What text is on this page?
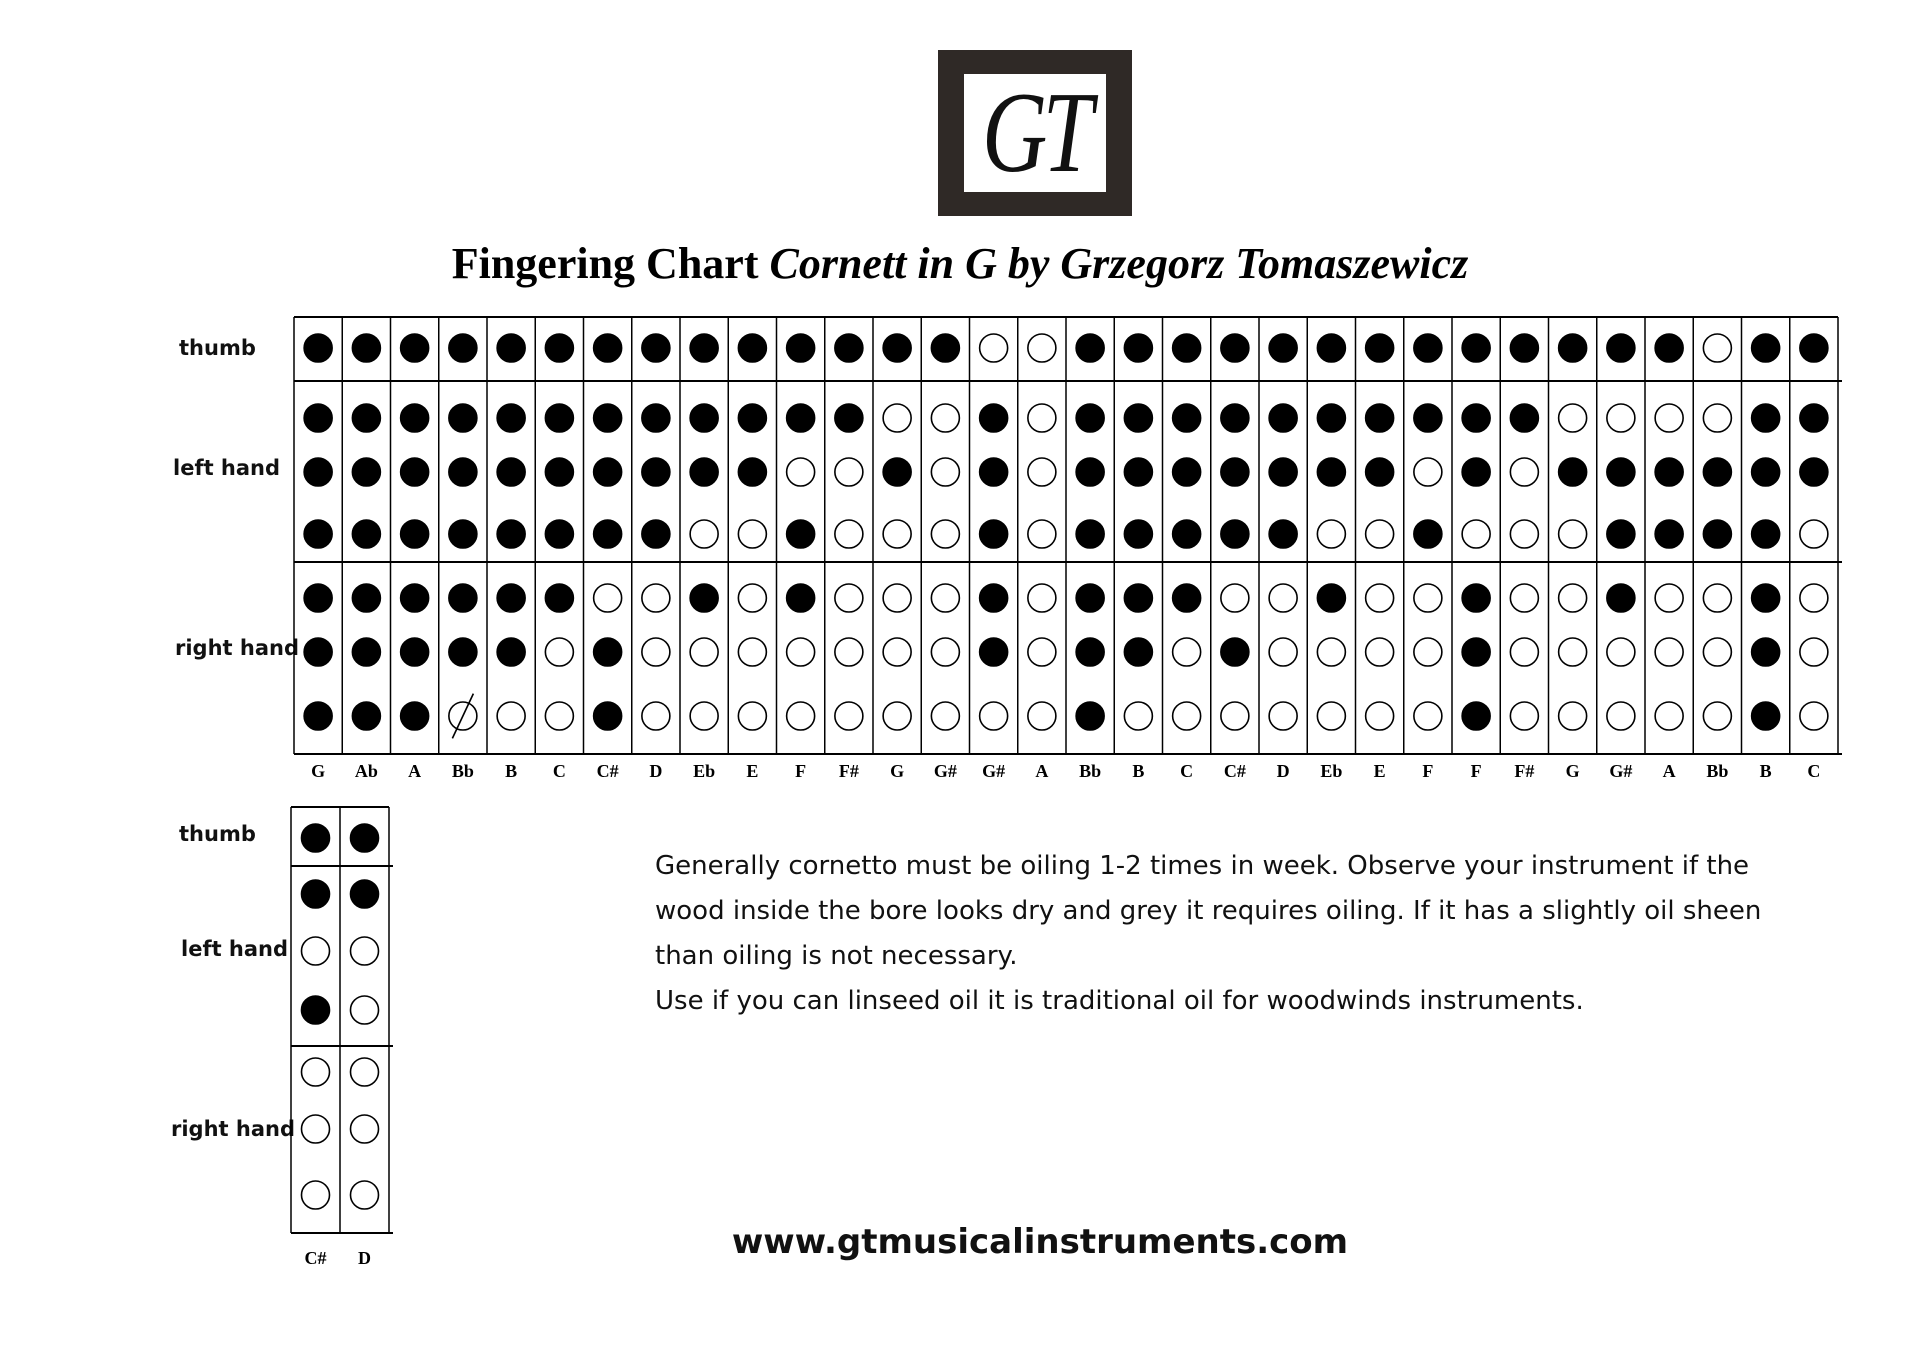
GT
Fingering Chart Cornett in G by Grzegorz Tomaszewicz
thumb
left hand
right hand
thumb
left hand
right hand
G Ab A Bb B C C# D Eb E F F# G G# G# A Bb B C C# D Eb E F F F# G G# A Bb B C
C# D

Generally cornetto must be oiling 1-2 times in week. Observe your instrument if the

wood inside the bore looks dry and grey it requires oiling. If it has a slightly oil sheen

than oiling is not necessary.

Use if you can linseed oil it is traditional oil for woodwinds instruments.

www.gtmusicalinstruments.com
